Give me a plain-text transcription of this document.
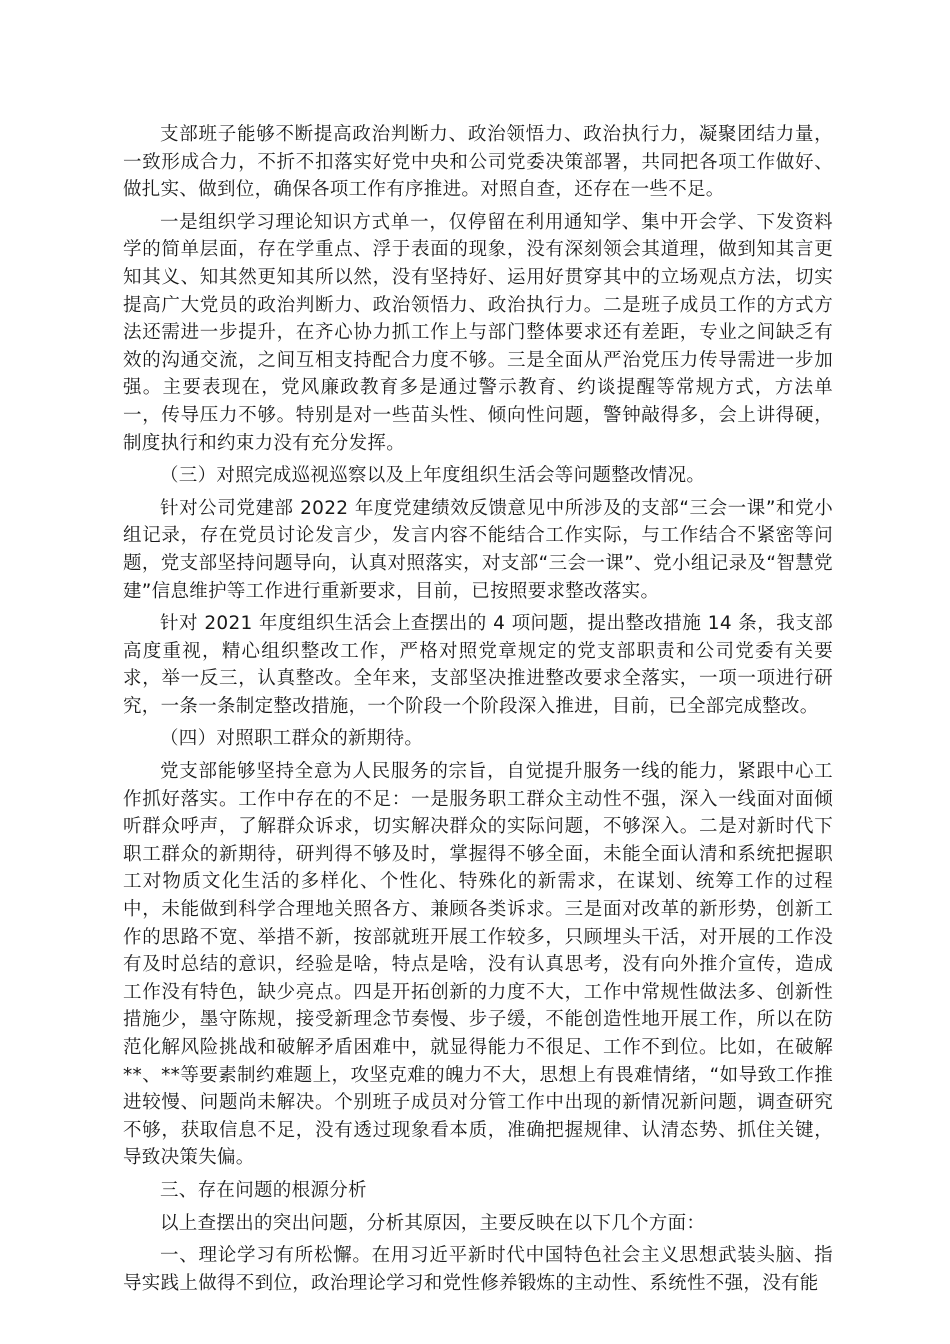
支部班子能够不断提高政治判断力、政治领悟力、政治执行力，凝聚团结力量，一致形成合力，不折不扣落实好党中央和公司党委决策部署，共同把各项工作做好、做扎实、做到位，确保各项工作有序推进。对照自查，还存在一些不足。

一是组织学习理论知识方式单一，仅停留在利用通知学、集中开会学、下发资料学的简单层面，存在学重点、浮于表面的现象，没有深刻领会其道理，做到知其言更知其义、知其然更知其所以然，没有坚持好、运用好贯穿其中的立场观点方法，切实提高广大党员的政治判断力、政治领悟力、政治执行力。二是班子成员工作的方式方法还需进一步提升，在齐心协力抓工作上与部门整体要求还有差距，专业之间缺乏有效的沟通交流，之间互相支持配合力度不够。三是全面从严治党压力传导需进一步加强。主要表现在，党风廉政教育多是通过警示教育、约谈提醒等常规方式，方法单一，传导压力不够。特别是对一些苗头性、倾向性问题，警钟敲得多，会上讲得硬，制度执行和约束力没有充分发挥。

（三）对照完成巡视巡察以及上年度组织生活会等问题整改情况。

针对公司党建部 2022 年度党建绩效反馈意见中所涉及的支部“三会一课”和党小组记录，存在党员讨论发言少，发言内容不能结合工作实际，与工作结合不紧密等问题，党支部坚持问题导向，认真对照落实，对支部“三会一课”、党小组记录及“智慧党建”信息维护等工作进行重新要求，目前，已按照要求整改落实。

针对 2021 年度组织生活会上查摆出的 4 项问题，提出整改措施 14 条，我支部高度重视，精心组织整改工作，严格对照党章规定的党支部职责和公司党委有关要求，举一反三，认真整改。全年来，支部坚决推进整改要求全落实，一项一项进行研究，一条一条制定整改措施，一个阶段一个阶段深入推进，目前，已全部完成整改。

（四）对照职工群众的新期待。

党支部能够坚持全意为人民服务的宗旨，自觉提升服务一线的能力，紧跟中心工作抓好落实。工作中存在的不足：一是服务职工群众主动性不强，深入一线面对面倾听群众呼声，了解群众诉求，切实解决群众的实际问题，不够深入。二是对新时代下职工群众的新期待，研判得不够及时，掌握得不够全面，未能全面认清和系统把握职工对物质文化生活的多样化、个性化、特殊化的新需求，在谋划、统筹工作的过程中，未能做到科学合理地关照各方、兼顾各类诉求。三是面对改革的新形势，创新工作的思路不宽、举措不新，按部就班开展工作较多，只顾埋头干活，对开展的工作没有及时总结的意识，经验是啥，特点是啥，没有认真思考，没有向外推介宣传，造成工作没有特色，缺少亮点。四是开拓创新的力度不大，工作中常规性做法多、创新性措施少，墨守陈规，接受新理念节奏慢、步子缓，不能创造性地开展工作，所以在防范化解风险挑战和破解矛盾困难中，就显得能力不很足、工作不到位。比如，在破解**、**等要素制约难题上，攻坚克难的魄力不大，思想上有畏难情绪，“如导致工作推进较慢、问题尚未解决。个别班子成员对分管工作中出现的新情况新问题，调查研究不够，获取信息不足，没有透过现象看本质，准确把握规律、认清态势、抓住关键，导致决策失偏。

三、存在问题的根源分析

以上查摆出的突出问题，分析其原因，主要反映在以下几个方面：

一、理论学习有所松懈。在用习近平新时代中国特色社会主义思想武装头脑、指导实践上做得不到位，政治理论学习和党性修养锻炼的主动性、系统性不强，没有能
